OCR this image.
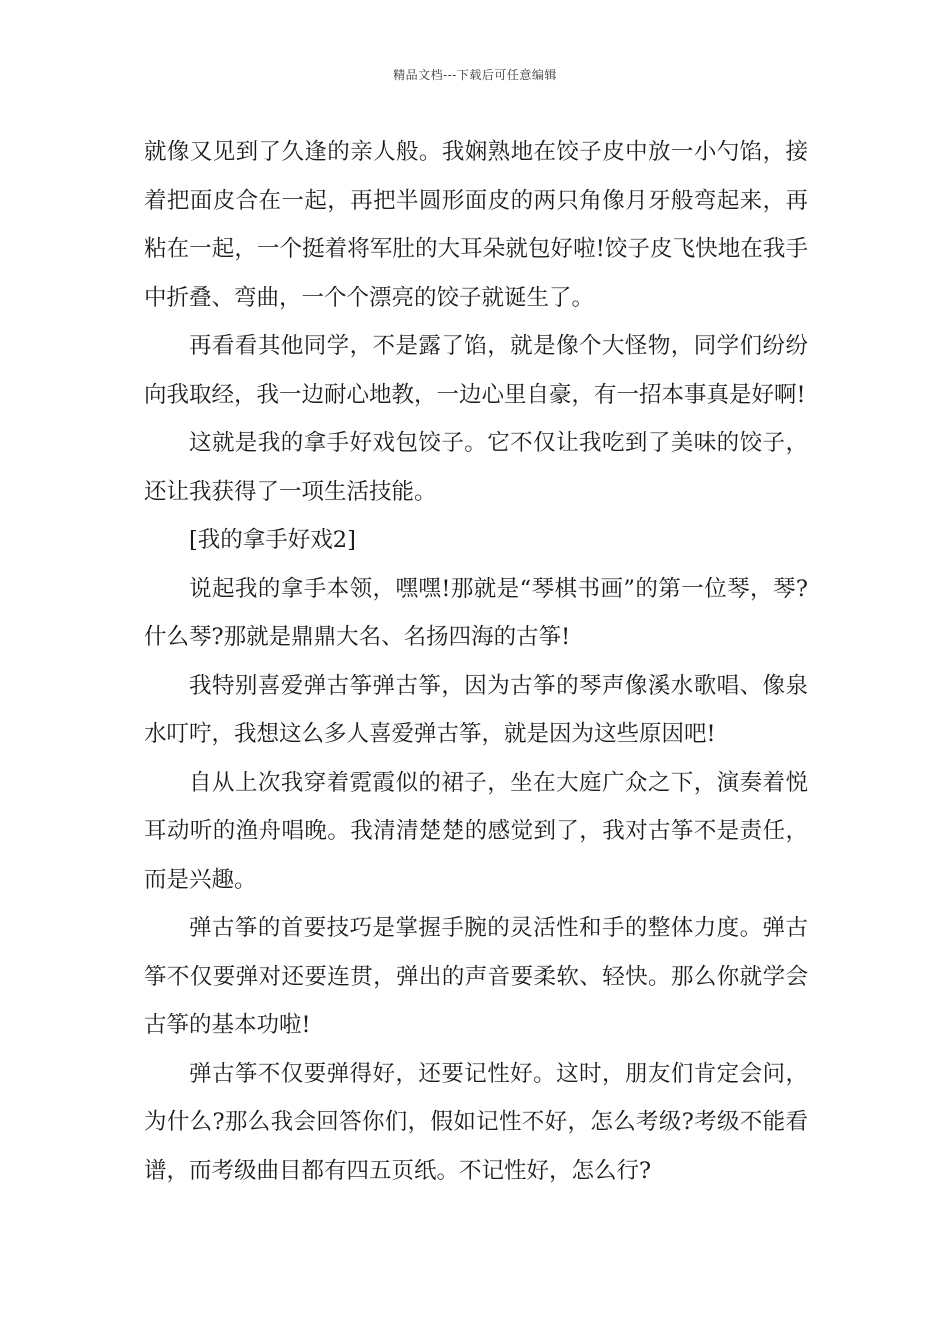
精品文档---下载后可任意编辑

就像又见到了久逢的亲人般。我娴熟地在饺子皮中放一小勺馅，接着把面皮合在一起，再把半圆形面皮的两只角像月牙般弯起来，再粘在一起，一个挺着将军肚的大耳朵就包好啦!饺子皮飞快地在我手中折叠、弯曲，一个个漂亮的饺子就诞生了。

再看看其他同学，不是露了馅，就是像个大怪物，同学们纷纷向我取经，我一边耐心地教，一边心里自豪，有一招本事真是好啊!

这就是我的拿手好戏包饺子。它不仅让我吃到了美味的饺子，还让我获得了一项生活技能。

[我的拿手好戏2]

说起我的拿手本领，嘿嘿!那就是“琴棋书画”的第一位琴，琴?什么琴?那就是鼎鼎大名、名扬四海的古筝!

我特别喜爱弹古筝弹古筝，因为古筝的琴声像溪水歌唱、像泉水叮咛，我想这么多人喜爱弹古筝，就是因为这些原因吧!

自从上次我穿着霓霞似的裙子，坐在大庭广众之下，演奏着悦耳动听的渔舟唱晚。我清清楚楚的感觉到了，我对古筝不是责任，而是兴趣。

弹古筝的首要技巧是掌握手腕的灵活性和手的整体力度。弹古筝不仅要弹对还要连贯，弹出的声音要柔软、轻快。那么你就学会古筝的基本功啦!

弹古筝不仅要弹得好，还要记性好。这时，朋友们肯定会问，为什么?那么我会回答你们，假如记性不好，怎么考级?考级不能看谱，而考级曲目都有四五页纸。不记性好，怎么行?
